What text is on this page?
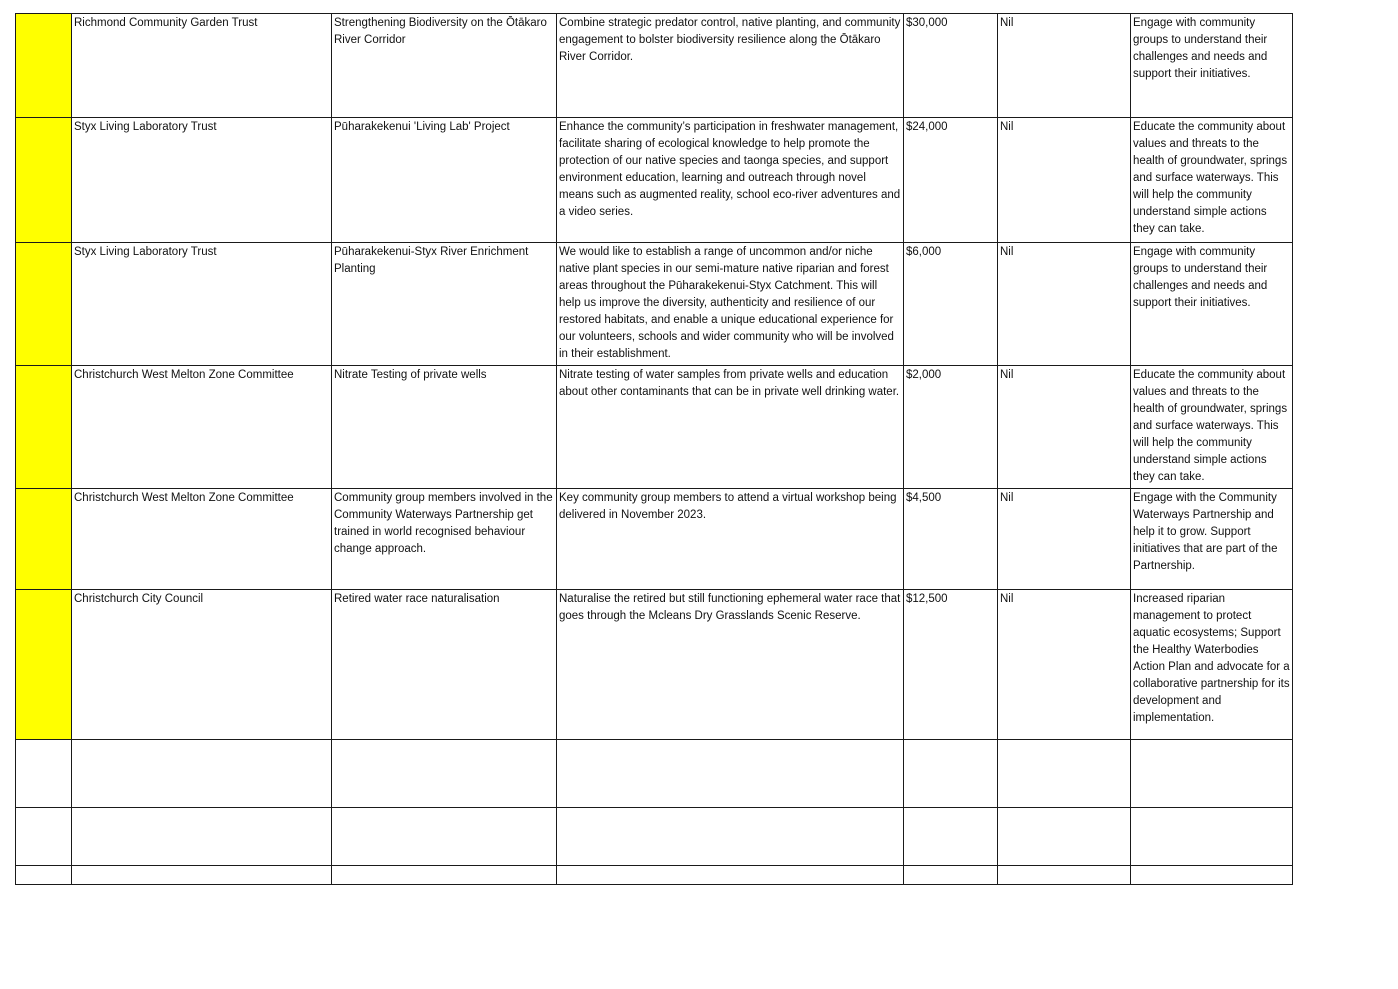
	Richmond Community Garden Trust	Strengthening Biodiversity on the Ōtākaro River Corridor	Combine strategic predator control, native planting, and community engagement to bolster biodiversity resilience along the Ōtākaro River Corridor.	$30,000	Nil	Engage with community groups to understand their challenges and needs and support their initiatives.
	Styx Living Laboratory Trust	Pūharakekenui 'Living Lab' Project	Enhance the community’s participation in freshwater management, facilitate sharing of ecological knowledge to help promote the protection of our native species and taonga species, and support environment education, learning and outreach through novel means such as augmented reality, school eco-river adventures and a video series.	$24,000	Nil	Educate the community about values and threats to the health of groundwater, springs and surface waterways. This will help the community understand simple actions they can take.
	Styx Living Laboratory Trust	Pūharakekenui-Styx River Enrichment Planting	We would like to establish a range of uncommon and/or niche native plant species in our semi-mature native riparian and forest areas throughout the Pūharakekenui-Styx Catchment. This will help us improve the diversity, authenticity and resilience of our restored habitats, and enable a unique educational experience for our volunteers, schools and wider community who will be involved in their establishment.	$6,000	Nil	Engage with community groups to understand their challenges and needs and support their initiatives.
	Christchurch West Melton Zone Committee	Nitrate Testing of private wells	Nitrate testing of water samples from private wells and education about other contaminants that can be in private well drinking water.	$2,000	Nil	Educate the community about values and threats to the health of groundwater, springs and surface waterways. This will help the community understand simple actions they can take.
	Christchurch West Melton Zone Committee	Community group members involved in the Community Waterways Partnership get trained in world recognised behaviour change approach.	Key community group members to attend a virtual workshop being delivered in November 2023.	$4,500	Nil	Engage with the Community Waterways Partnership and help it to grow. Support initiatives that are part of the Partnership.
	Christchurch City Council	Retired water race naturalisation	Naturalise the retired but still functioning ephemeral water race that goes through the Mcleans Dry Grasslands Scenic Reserve.	$12,500	Nil	Increased riparian management to protect aquatic ecosystems; Support the Healthy Waterbodies Action Plan and advocate for a collaborative partnership for its development and implementation.
